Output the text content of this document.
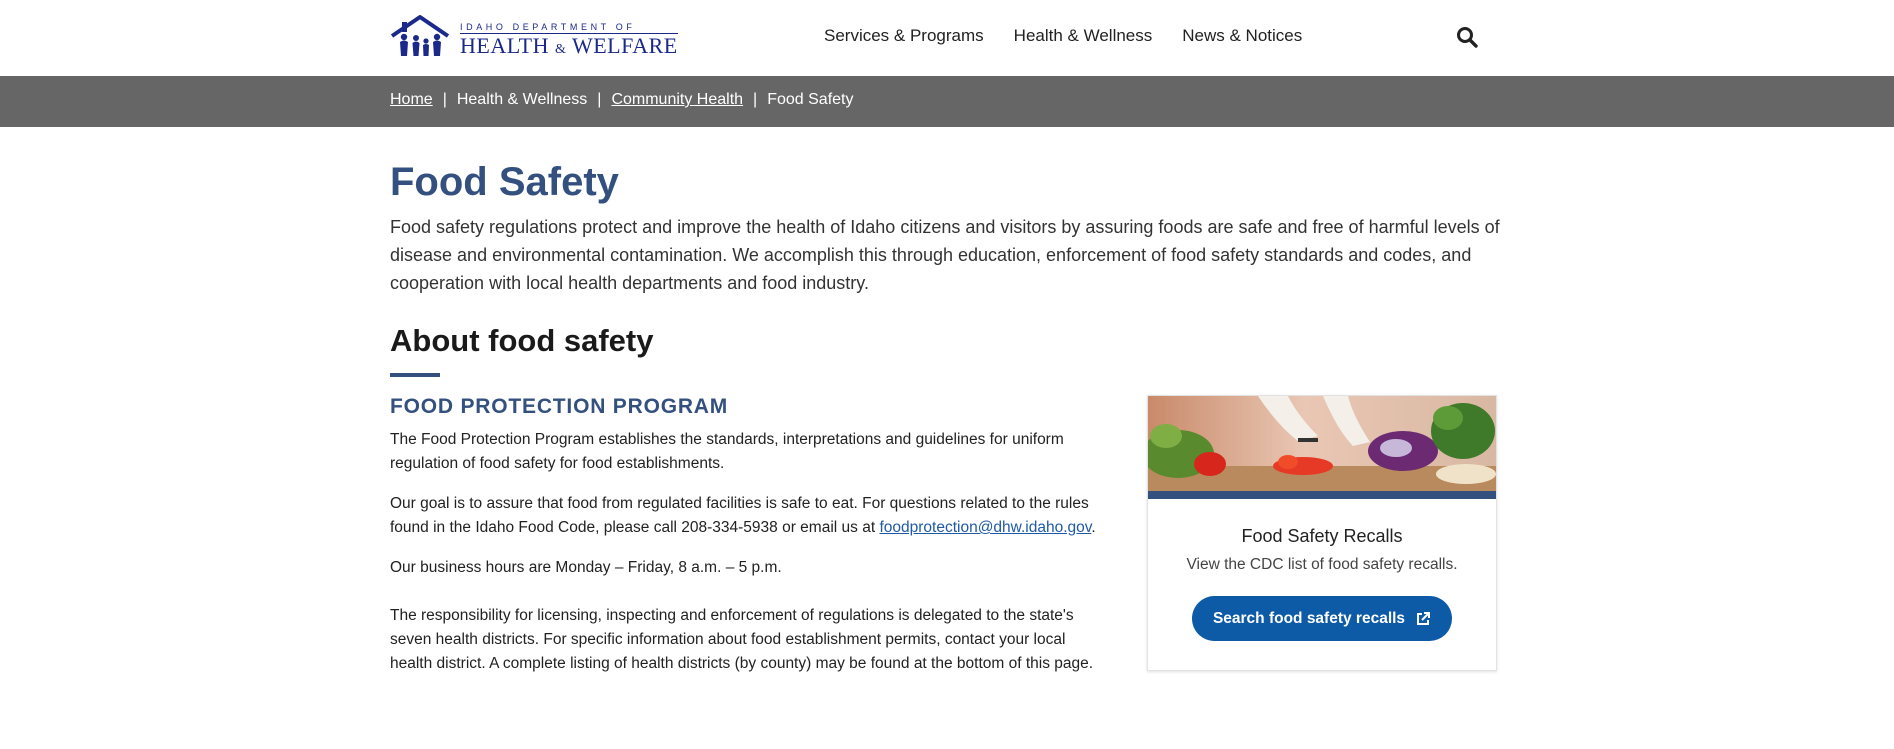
IDAHO DEPARTMENT OF
HEALTH & WELFARE	Services & Programs Health & Wellness News & Notices
Home | Health & Wellness | Community Health | Food Safety
Food Safety

Food safety regulations protect and improve the health of Idaho citizens and visitors by assuring foods are safe and free of harmful levels of disease and environmental contamination. We accomplish this through education, enforcement of food safety standards and codes, and cooperation with local health departments and food industry.

About food safety
FOOD PROTECTION PROGRAM

The Food Protection Program establishes the standards, interpretations and guidelines for uniform regulation of food safety for food establishments.

Our goal is to assure that food from regulated facilities is safe to eat. For questions related to the rules found in the Idaho Food Code, please call 208-334-5938 or email us at foodprotection@dhw.idaho.gov.

Our business hours are Monday – Friday, 8 a.m. – 5 p.m.

The responsibility for licensing, inspecting and enforcement of regulations is delegated to the state's seven health districts. For specific information about food establishment permits, contact your local health district. A complete listing of health districts (by county) may be found at the bottom of this page.

Food Safety Recalls
View the CDC list of food safety recalls.
Search food safety recalls
